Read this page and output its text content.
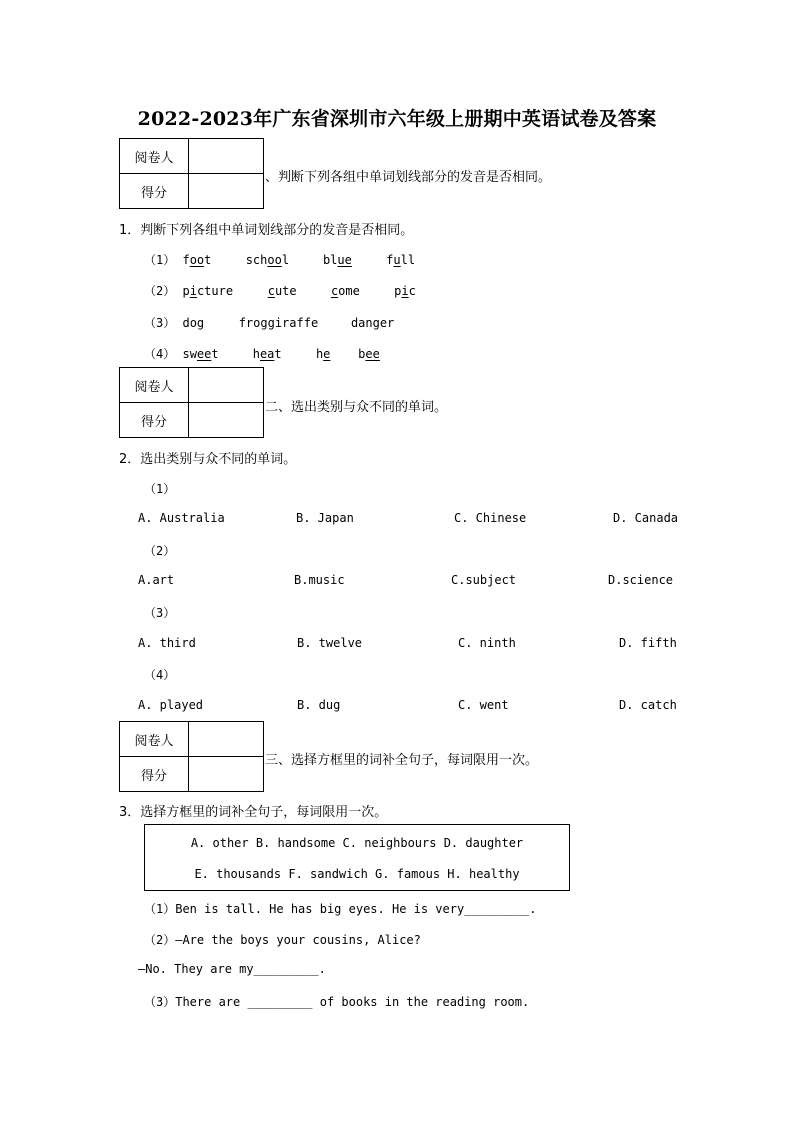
2022-2023年广东省深圳市六年级上册期中英语试卷及答案
阅卷人	
得分	
、判断下列各组中单词划线部分的发音是否相同。
1．判断下列各组中单词划线部分的发音是否相同。
（1） foot	school	blue	full
（2） picture	cute	come	pic
（3） dog	froggiraffe	danger
（4） sweet	heat	he bee
阅卷人	
得分	
二、选出类别与众不同的单词。
2．选出类别与众不同的单词。
（1）
A. Australia	B. Japan	C. Chinese	D. Canada
（2）
A.art	B.music	C.subject	D.science
（3）
A. third	B. twelve	C. ninth	D. fifth
（4）
A. played	B. dug	C. went	D. catch
阅卷人	
得分	
三、选择方框里的词补全句子，每词限用一次。
3．选择方框里的词补全句子，每词限用一次。
A. other B. handsome C. neighbours D. daughter
E. thousands F. sandwich G. famous H. healthy
（1）Ben is tall. He has big eyes. He is very_________.
（2）—Are the boys your cousins, Alice?
—No. They are my_________.
（3）There are _________ of books in the reading room.
